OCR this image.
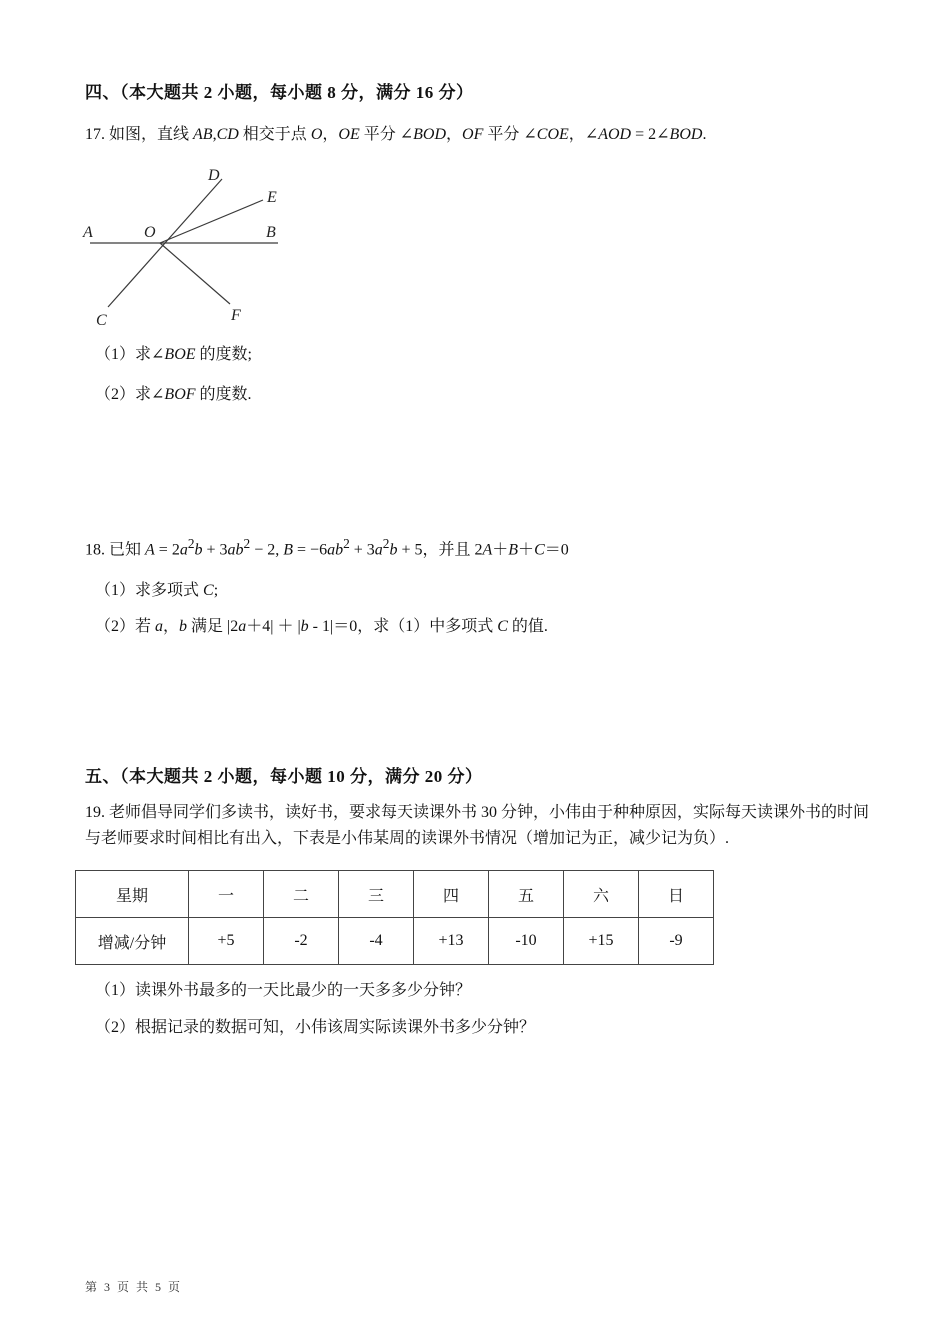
四、（本大题共 2 小题，每小题 8 分，满分 16 分）
17. 如图，直线 AB,CD 相交于点 O，OE 平分 ∠BOD，OF 平分 ∠COE，∠AOD = 2∠BOD.
A	B
C
D
E
F
O
（1）求∠BOE 的度数;
（2）求∠BOF 的度数.
18. 已知 $A = 2a^2b + 3ab^2 - 2$, $B = -6ab^2 + 3a^2b + 5$，并且 2A＋B＋C＝0
（1）求多项式 C;
（2）若 a，b 满足 |2a＋4| ＋ |b - 1|＝0，求（1）中多项式 C 的值.
五、（本大题共 2 小题，每小题 10 分，满分 20 分）
19. 老师倡导同学们多读书，读好书，要求每天读课外书 30 分钟，小伟由于种种原因，实际每天读课外书的时间与老师要求时间相比有出入，下表是小伟某周的读课外书情况（增加记为正，减少记为负）.
星期	一	二	三	四	五	六	日
增减/分钟	+5	-2	-4	+13	-10	+15	-9
（1）读课外书最多的一天比最少的一天多多少分钟？
（2）根据记录的数据可知，小伟该周实际读课外书多少分钟？
第 3 页 共 5 页
